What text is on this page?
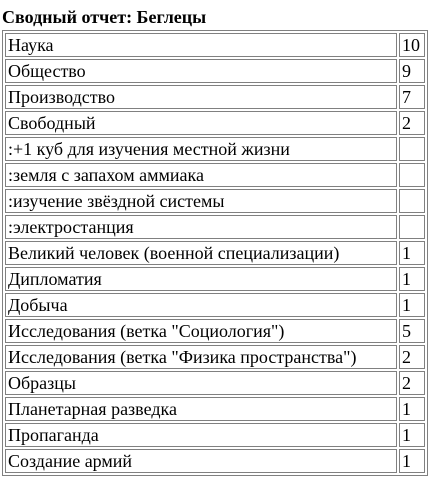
Сводный отчет: Беглецы
Наука	10
Общество	9
Производство	7
Свободный	2
:+1 куб для изучения местной жизни	
:земля с запахом аммиака	
:изучение звёздной системы	
:электростанция	
Великий человек (военной специализации)	1
Дипломатия	1
Добыча	1
Исследования (ветка "Социология")	5
Исследования (ветка "Физика пространства")	2
Образцы	2
Планетарная разведка	1
Пропаганда	1
Создание армий	1
